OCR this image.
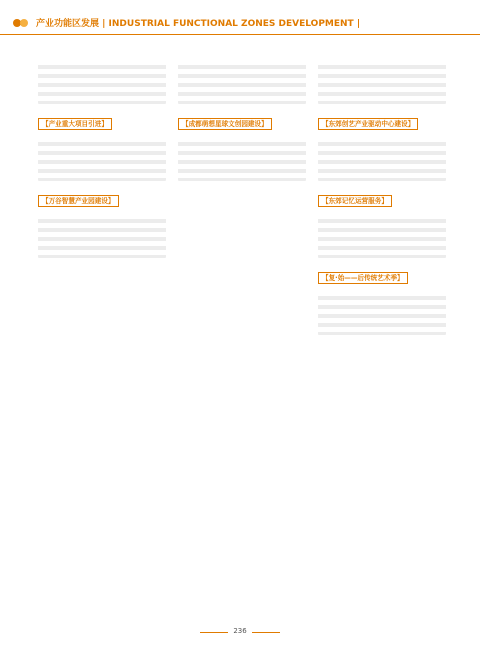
产业功能区发展 | INDUSTRIAL FUNCTIONAL ZONES DEVELOPMENT |

【产业重大项目引进】

【万谷智慧产业园建设】

【成都萌想星球文创园建设】	【东郊创艺产业驱动中心建设】

【东郊记忆运营服务】

【复·始——后传统艺术季】

236
